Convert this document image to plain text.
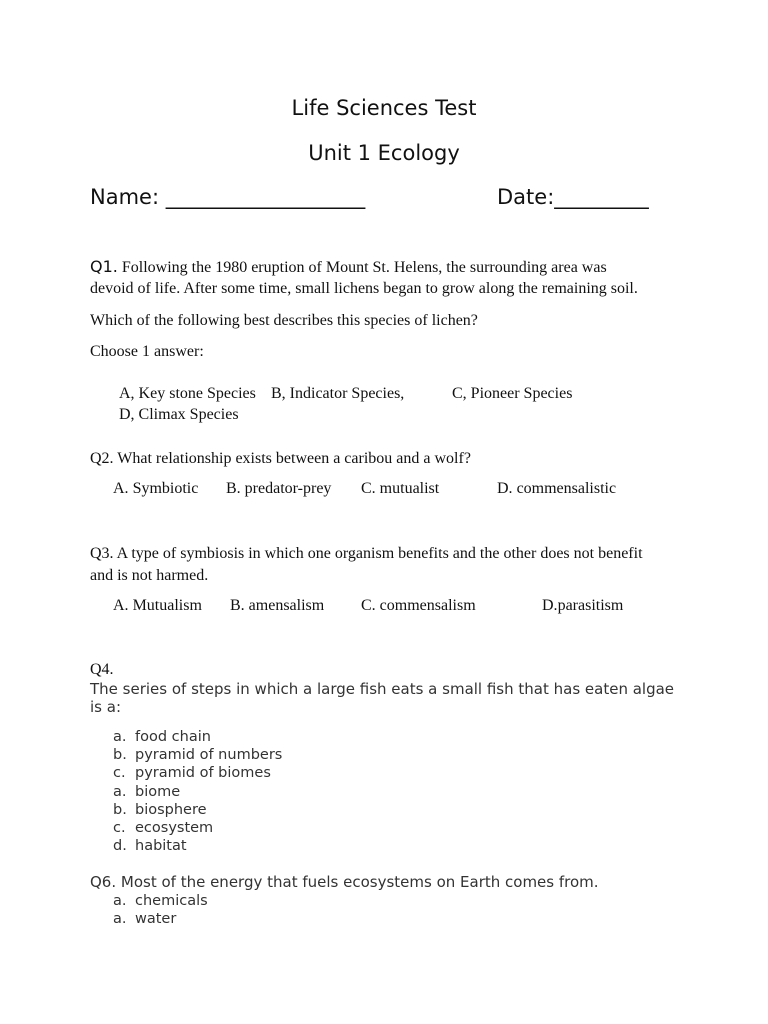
Life Sciences Test
Unit 1 Ecology
Name: ___________________	Date:_________
Q1. Following the 1980 eruption of Mount St. Helens, the surrounding area was
devoid of life. After some time, small lichens began to grow along the remaining soil.
Which of the following best describes this species of lichen?
Choose 1 answer:
A, Key stone Species B, Indicator Species,	C, Pioneer Species
D, Climax Species
Q2. What relationship exists between a caribou and a wolf?
A. Symbiotic B. predator-prey C. mutualist	D. commensalistic
Q3. A type of symbiosis in which one organism benefits and the other does not benefit
and is not harmed.
A. Mutualism B. amensalism C. commensalism	D.parasitism
Q4.
The series of steps in which a large fish eats a small fish that has eaten algae
is a:
a. food chain
b. pyramid of numbers
c. pyramid of biomes
a. biome
b. biosphere
c. ecosystem
d. habitat
Q6. Most of the energy that fuels ecosystems on Earth comes from.
a. chemicals
a. water
